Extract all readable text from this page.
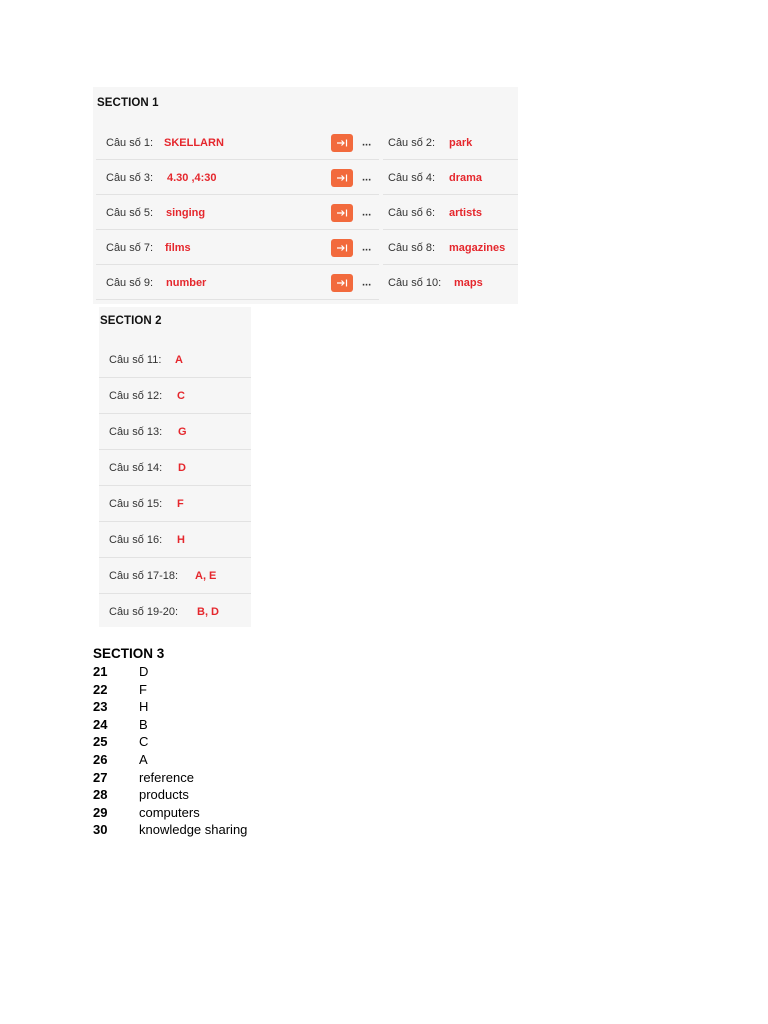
SECTION 1
Câu số 1: SKELLARN	... Câu số 2: park
Câu số 3: 4.30 ,4:30	... Câu số 4: drama
Câu số 5: singing	... Câu số 6: artists
Câu số 7: films	... Câu số 8: magazines
Câu số 9: number	... Câu số 10: maps
SECTION 2
Câu số 11: A
Câu số 12: C
Câu số 13: G
Câu số 14: D
Câu số 15: F
Câu số 16: H
Câu số 17-18: A, E
Câu số 19-20: B, D
SECTION 3
21 D
22 F
23 H
24 B
25 C
26 A
27 reference
28 products
29 computers
30 knowledge sharing
